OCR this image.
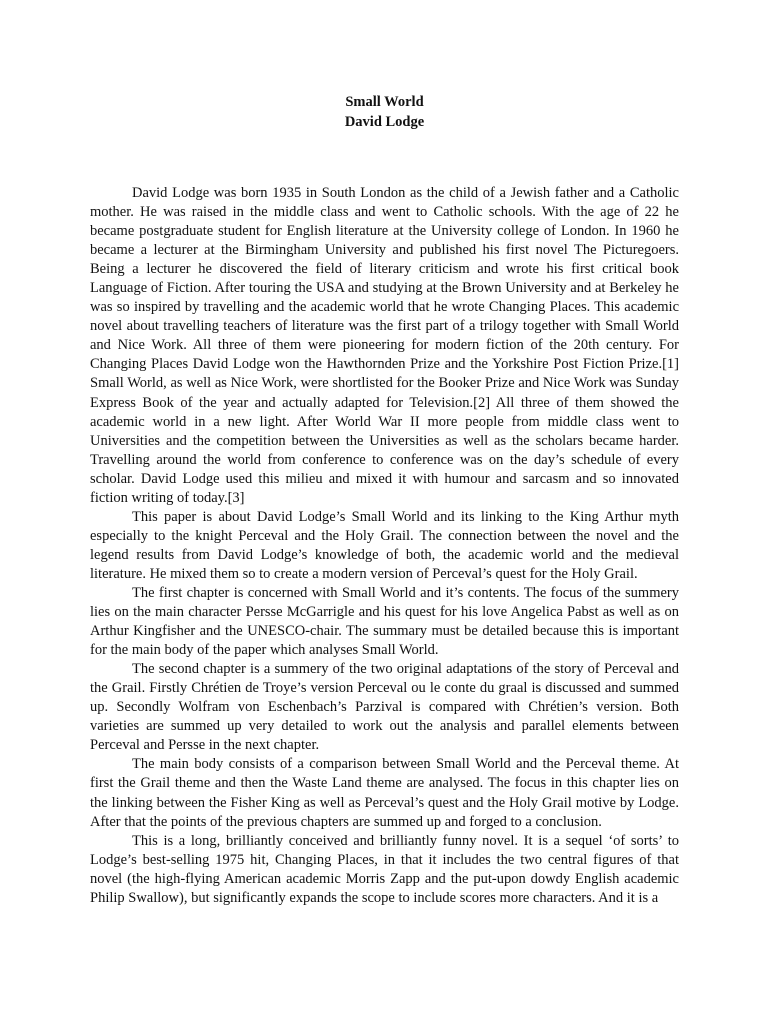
Small World
David Lodge

David Lodge was born 1935 in South London as the child of a Jewish father and a Catholic mother. He was raised in the middle class and went to Catholic schools. With the age of 22 he became postgraduate student for English literature at the University college of London. In 1960 he became a lecturer at the Birmingham University and published his first novel The Picturegoers. Being a lecturer he discovered the field of literary criticism and wrote his first critical book Language of Fiction. After touring the USA and studying at the Brown University and at Berkeley he was so inspired by travelling and the academic world that he wrote Changing Places. This academic novel about travelling teachers of literature was the first part of a trilogy together with Small World and Nice Work. All three of them were pioneering for modern fiction of the 20th century. For Changing Places David Lodge won the Hawthornden Prize and the Yorkshire Post Fiction Prize.[1] Small World, as well as Nice Work, were shortlisted for the Booker Prize and Nice Work was Sunday Express Book of the year and actually adapted for Television.[2] All three of them showed the academic world in a new light. After World War II more people from middle class went to Universities and the competition between the Universities as well as the scholars became harder. Travelling around the world from conference to conference was on the day’s schedule of every scholar. David Lodge used this milieu and mixed it with humour and sarcasm and so innovated fiction writing of today.[3]

This paper is about David Lodge’s Small World and its linking to the King Arthur myth especially to the knight Perceval and the Holy Grail. The connection between the novel and the legend results from David Lodge’s knowledge of both, the academic world and the medieval literature. He mixed them so to create a modern version of Perceval’s quest for the Holy Grail.

The first chapter is concerned with Small World and it’s contents. The focus of the summery lies on the main character Persse McGarrigle and his quest for his love Angelica Pabst as well as on Arthur Kingfisher and the UNESCO-chair. The summary must be detailed because this is important for the main body of the paper which analyses Small World.

The second chapter is a summery of the two original adaptations of the story of Perceval and the Grail. Firstly Chrétien de Troye’s version Perceval ou le conte du graal is discussed and summed up. Secondly Wolfram von Eschenbach’s Parzival is compared with Chrétien’s version. Both varieties are summed up very detailed to work out the analysis and parallel elements between Perceval and Persse in the next chapter.

The main body consists of a comparison between Small World and the Perceval theme. At first the Grail theme and then the Waste Land theme are analysed. The focus in this chapter lies on the linking between the Fisher King as well as Perceval’s quest and the Holy Grail motive by Lodge. After that the points of the previous chapters are summed up and forged to a conclusion.

This is a long, brilliantly conceived and brilliantly funny novel. It is a sequel ‘of sorts’ to Lodge’s best-selling 1975 hit, Changing Places, in that it includes the two central figures of that novel (the high-flying American academic Morris Zapp and the put-upon dowdy English academic Philip Swallow), but significantly expands the scope to include scores more characters. And it is a
